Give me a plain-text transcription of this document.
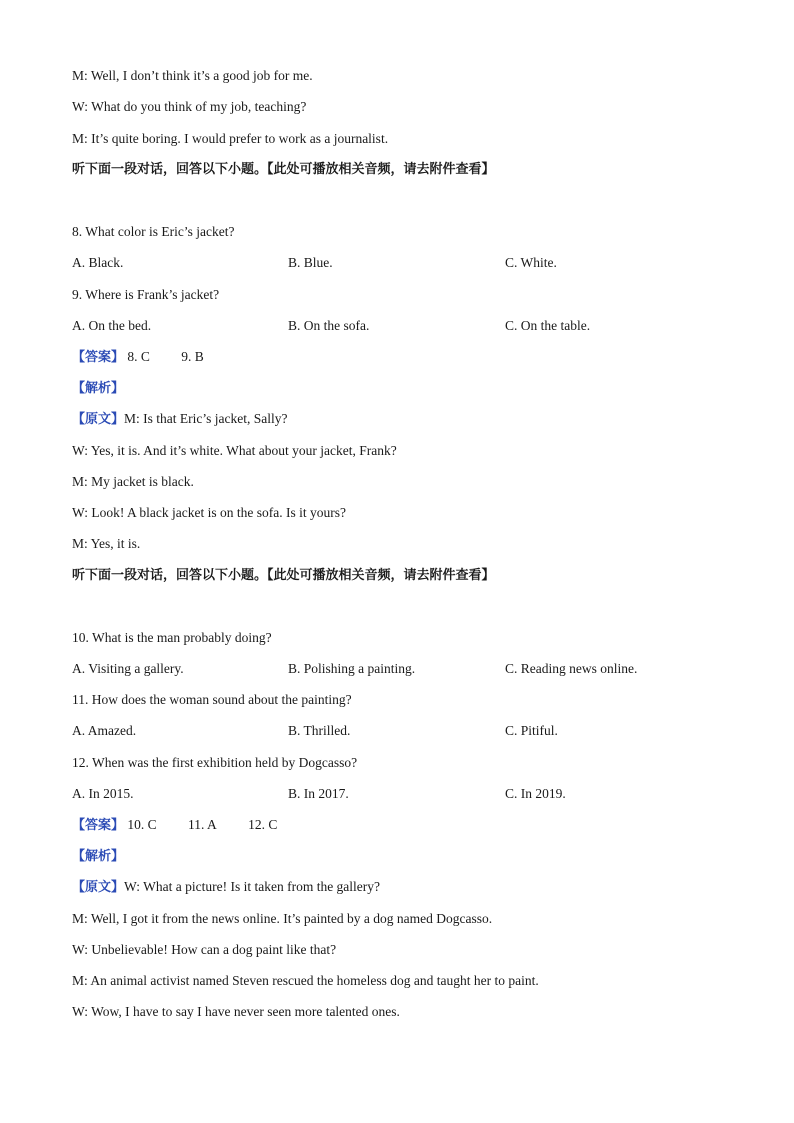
M: Well, I don’t think it’s a good job for me.
W: What do you think of my job, teaching?
M: It’s quite boring. I would prefer to work as a journalist.
听下面一段对话，回答以下小题。【此处可播放相关音频，请去附件查看】
8. What color is Eric’s jacket?
A. Black.	B. Blue.	C. White.
9. Where is Frank’s jacket?
A. On the bed.	B. On the sofa.	C. On the table.
【答案】 8. C 9. B
【解析】
【原文】M: Is that Eric’s jacket, Sally?
W: Yes, it is. And it’s white. What about your jacket, Frank?
M: My jacket is black.
W: Look! A black jacket is on the sofa. Is it yours?
M: Yes, it is.
听下面一段对话，回答以下小题。【此处可播放相关音频，请去附件查看】
10. What is the man probably doing?
A. Visiting a gallery.	B. Polishing a painting.	C. Reading news online.
11. How does the woman sound about the painting?
A. Amazed.	B. Thrilled.	C. Pitiful.
12. When was the first exhibition held by Dogcasso?
A. In 2015.	B. In 2017.	C. In 2019.
【答案】 10. C 11. A 12. C
【解析】
【原文】W: What a picture! Is it taken from the gallery?
M: Well, I got it from the news online. It’s painted by a dog named Dogcasso.
W: Unbelievable! How can a dog paint like that?
M: An animal activist named Steven rescued the homeless dog and taught her to paint.
W: Wow, I have to say I have never seen more talented ones.
